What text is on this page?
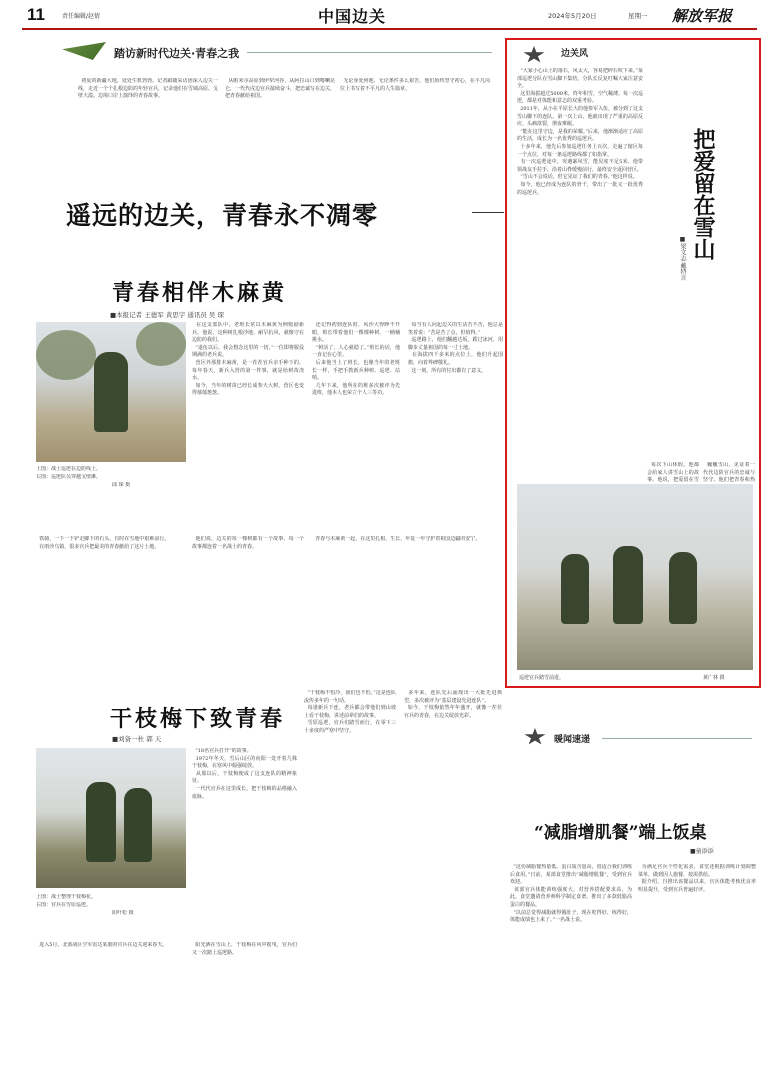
11	责任编辑/赵倩	中国边关	2024年5月20日	星期一 解放军报
踏访新时代边关·青春之我
初夏的新疆大地，处处生机勃勃。记者跟随采访团深入边关一线，走近一个个扎根边防的年轻官兵，记录他们在雪域高原、戈壁大漠、边境口岸上演绎的青春故事。
从帕米尔高原到伊犁河谷，从阿拉山口到喀喇昆仑，一代代戍边官兵接续奋斗，把忠诚写在边关，把青春献给祖国。
无论身处何地、无论条件多么艰苦，他们始终坚守初心，在平凡岗位上书写着不平凡的人生篇章。
遥远的边关，青春永不凋零
青春相伴木麻黄
■本报记者 王德军 黄思宇 通讯员 吴 琛
上图：战士巡逻在边防线上。
右图：巡逻队员穿越戈壁滩。
邱 琛 摄
在这支部队中，老班长常以木麻黄为例勉励新兵。他说，这种树扎根沙地、耐旱抗风，就像守在边防的我们。
“退伍以后，我会想念这里的一切。”一位即将服役期满的老兵说。
营区外那排木麻黄，是一茬茬官兵亲手种下的。每年春天，新兵入营的第一件事，就是给树苗浇水。
如今，当年的树苗已经长成参天大树，营区也变得郁郁葱葱。
还记得初到连队时，风沙大得睁不开眼，班长带着他们一棵棵种树、一桶桶挑水。
“树活了，人心就稳了。”班长的话，他一直记在心里。
后来他当上了班长，也像当年的老班长一样，手把手教新兵种树、巡逻、站哨。
几年下来，他所在的班多次被评为先进班，他本人也荣立个人三等功。
每当有人问起边关的生活苦不苦，他总是笑着说：“苦是苦了点，但值得。”
巡逻路上，他们翻越达坂，蹚过冰河，用脚步丈量祖国的每一寸土地。
在海拔四千多米的点位上，他们升起国旗，向着界碑敬礼。
这一刻，所有的付出都有了意义。
铁骑，一下一下铲走脚下的石头，有时在雪地中艰难前行。
在雨沙乌镇，很多官兵把最美的青春献给了这片土地。
他们说，边关的每一棵树都有一个故事，每一个故事都连着一名战士的青春。
青春与木麻黄一起，在这里扎根、生长，年复一年守护着祖国边疆的安宁。
干枝梅下致青春
■刘备一杜 郭 天
上图：战士整理干枝梅花。
右图：官兵在雪原巡逻。
阳叶松 摄
“18名官兵打开”的故事。
1972年冬天，雪后山区的向阳一处开着几株干枝梅，在寒风中倔强绽放。
从那以后，干枝梅便成了这支连队的精神象征。
一代代官兵在这里成长，把干枝梅的品格融入血脉。
“干枝梅不怕冷，我们也不怕。”这是连队流传多年的一句话。
每逢新兵下连，老兵都会带他们到山坡上看干枝梅，讲述前辈们的故事。
雪原巡逻，官兵们踏雪而行，在零下三十多度的严寒中坚守。
多年来，连队先后涌现出一大批先进典型，多次被评为“基层建设先进连队”。
如今，干枝梅依然年年盛开，就像一茬茬官兵的青春，在边关绽放光彩。
进入5月，北部战区空军雷达某旅的官兵在边关迎来春天。	阳光洒在雪山上，干枝梅在风中摇曳，官兵们又一次踏上巡逻路。
边关风
“大家小心山上的落石，风太大，容易把碎石吹下来。”某部巡逻分队在雪山脚下集结，分队长反复叮嘱大家注意安全。
这里海拔超过5000米，终年积雪，空气稀薄。每一次巡逻，都是对体能和意志的双重考验。
2011年，从小在平原长大的他参军入伍，被分到了这支雪山脚下的连队。第一次上山，他就出现了严重的高原反应，头痛欲裂，彻夜难眠。
“能在这里守边，是我的荣耀。”后来，他渐渐适应了高原的生活，成长为一名优秀的巡逻兵。
十多年来，他先后参加巡逻任务上百次，走遍了辖区每一个点位，对每一条巡逻路线都了如指掌。
有一次巡逻途中，突遇暴风雪，能见度不足5米。他带领战友手拉手，沿着山脊缓慢前行，最终安全返回营区。
“雪山不会说话，但它见证了我们的青春。”他这样说。
如今，他已经成为连队的骨干，带出了一批又一批优秀的巡逻兵。	把爱留在雪山
■梁文志 戴特言
每次下山休假，他都会给家人讲雪山上的故事。他说，把爱留在雪
巍巍雪山，见证着一代代边防官兵的忠诚与坚守。他们把青春和热
巡逻官兵踏雪前进。	黄广林 摄
暖闻速递
“减脂增肌餐”端上饭桌
■童添添
“这份减脂餐热量低、蛋白质含量高，很适合我们训练后食用。”日前，某部食堂推出“减脂增肌餐”，受到官兵欢迎。
该部官兵体能训练强度大，对营养搭配要求高。为此，食堂邀请营养师科学制定食谱，推出了多款低脂高蛋白的餐品。
“以前总觉得减脂就得饿肚子，现在吃得好、练得好，体能成绩也上来了。”一名战士说。
为满足官兵个性化需求，食堂还根据训练计划调整菜单，做到因人施餐、按需供给。
据介绍，自推出该餐品以来，官兵体能考核优良率明显提升，受到官兵普遍好评。
